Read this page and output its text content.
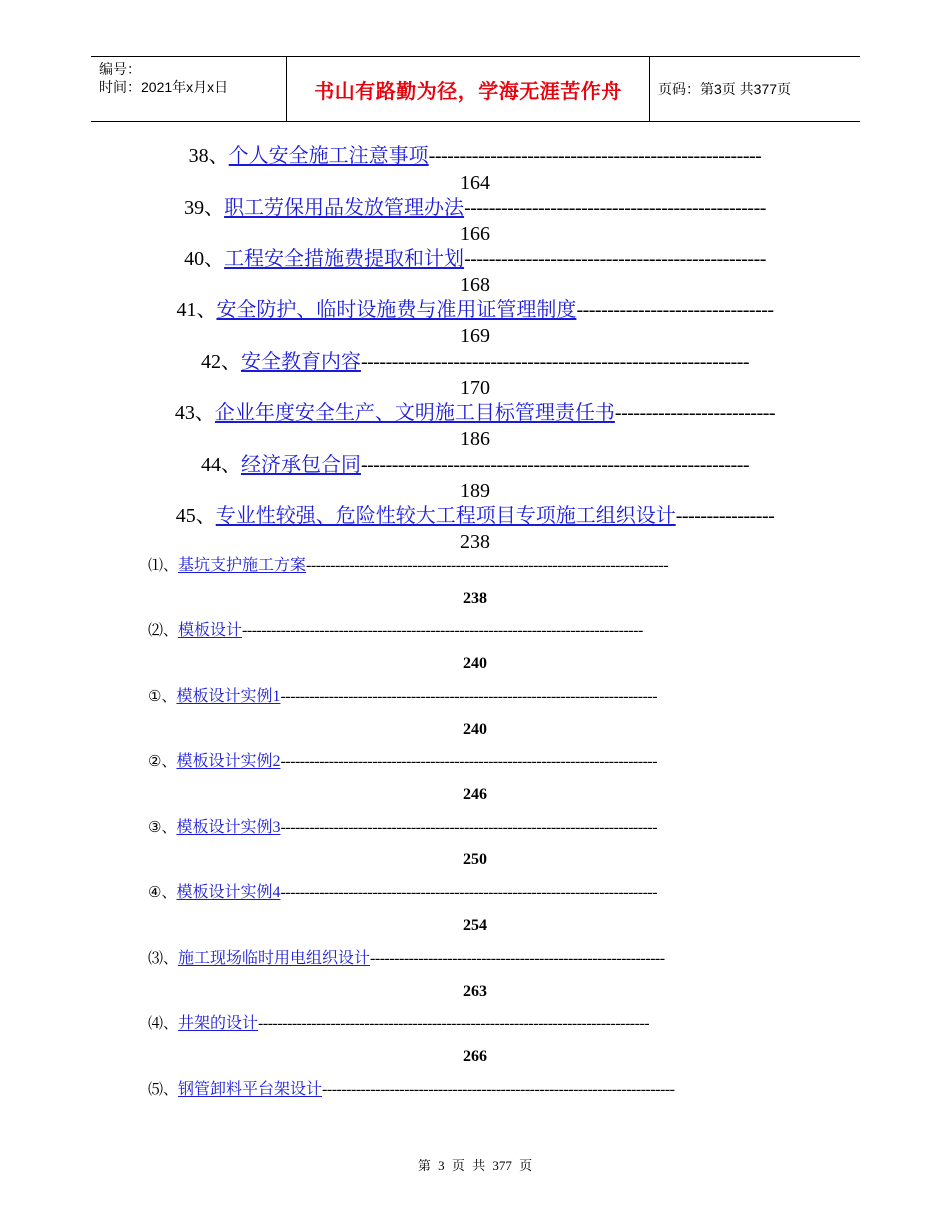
编号：
时间：2021年x月x日	书山有路勤为径，学海无涯苦作舟	页码：第3页 共377页
38、个人安全施工注意事项------------------------------------------------------
164
39、职工劳保用品发放管理办法-------------------------------------------------
166
40、工程安全措施费提取和计划-------------------------------------------------
168
41、安全防护、临时设施费与准用证管理制度--------------------------------
169
42、安全教育内容---------------------------------------------------------------
170
43、企业年度安全生产、文明施工目标管理责任书--------------------------
186
44、经济承包合同---------------------------------------------------------------
189
45、专业性较强、危险性较大工程项目专项施工组织设计----------------
238
⑴、基坑支护施工方案---------------------------------------------------------------------------
238
⑵、模板设计-----------------------------------------------------------------------------------
240
①、模板设计实例1------------------------------------------------------------------------------
240
②、模板设计实例2------------------------------------------------------------------------------
246
③、模板设计实例3------------------------------------------------------------------------------
250
④、模板设计实例4------------------------------------------------------------------------------
254
⑶、施工现场临时用电组织设计-------------------------------------------------------------
263
⑷、井架的设计---------------------------------------------------------------------------------
266
⑸、钢管卸料平台架设计-------------------------------------------------------------------------
第 3 页 共 377 页
